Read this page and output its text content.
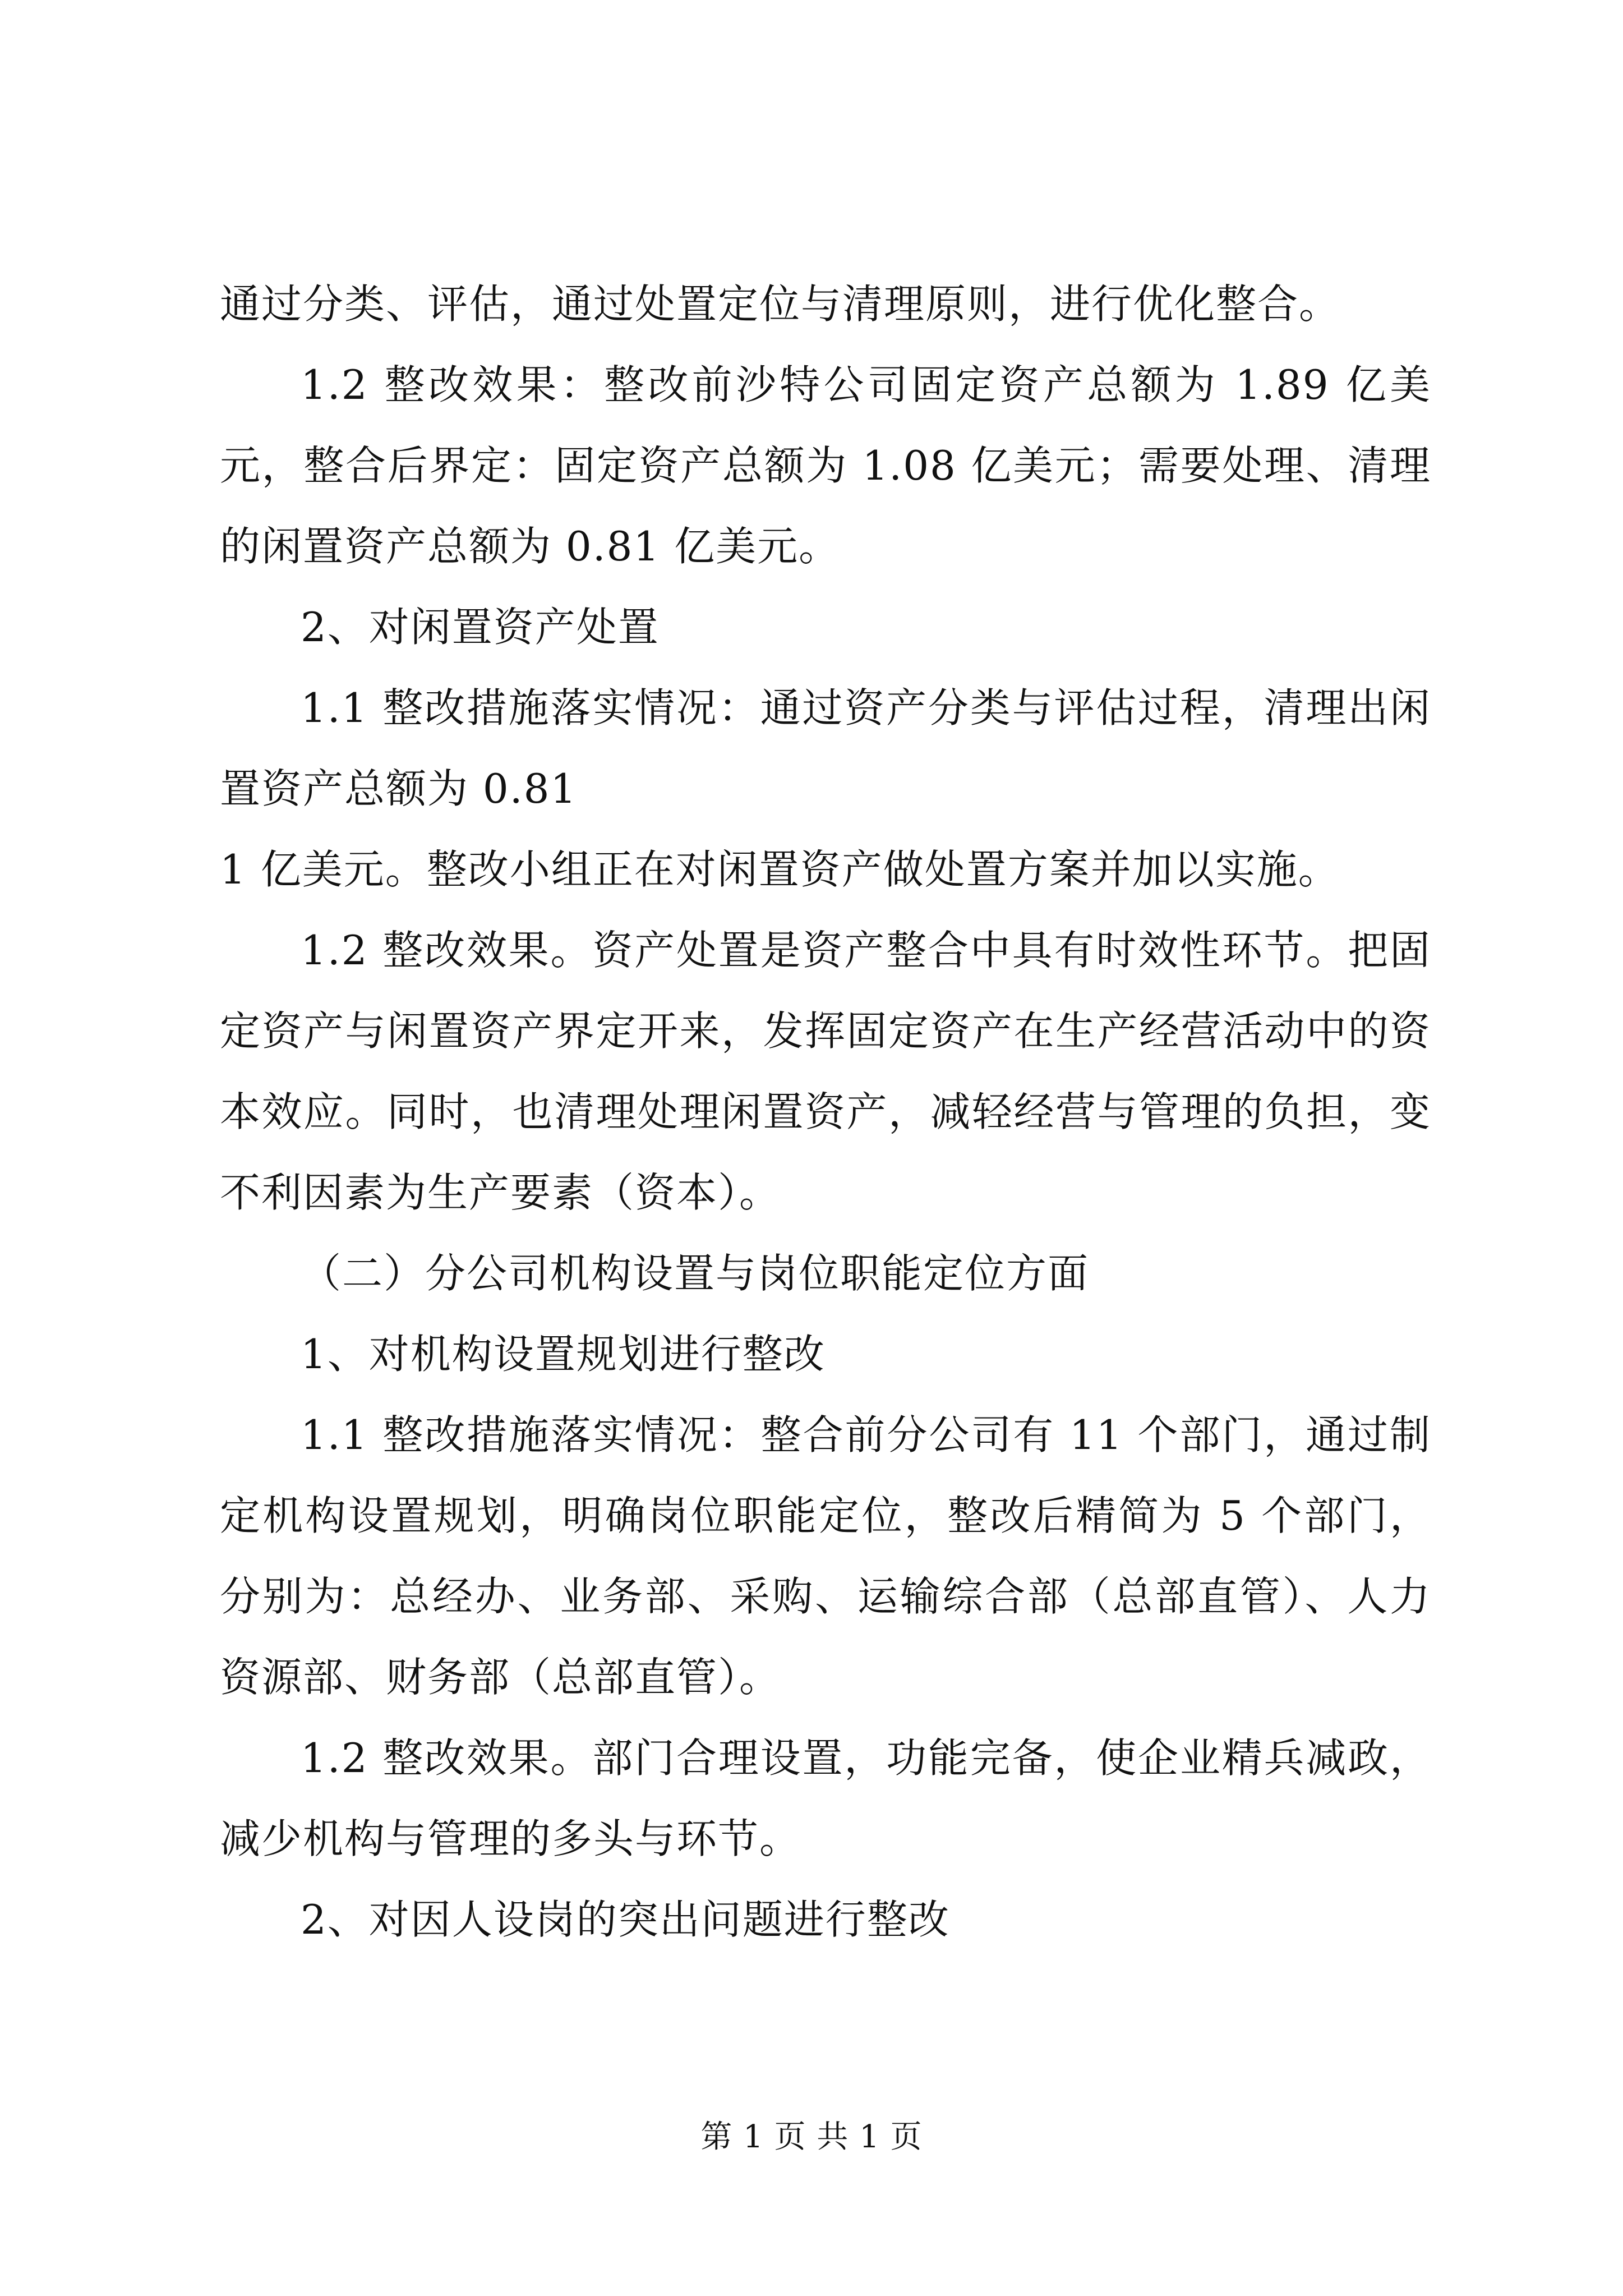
通过分类、评估，通过处置定位与清理原则，进行优化整合。

1.2 整改效果：整改前沙特公司固定资产总额为 1.89 亿美元，整合后界定：固定资产总额为 1.08 亿美元；需要处理、清理的闲置资产总额为 0.81 亿美元。

2、对闲置资产处置

1.1 整改措施落实情况：通过资产分类与评估过程，清理出闲置资产总额为 0.81

1 亿美元。整改小组正在对闲置资产做处置方案并加以实施。

1.2 整改效果。资产处置是资产整合中具有时效性环节。把固定资产与闲置资产界定开来，发挥固定资产在生产经营活动中的资本效应。同时，也清理处理闲置资产，减轻经营与管理的负担，变不利因素为生产要素（资本）。

（二）分公司机构设置与岗位职能定位方面

1、对机构设置规划进行整改

1.1 整改措施落实情况：整合前分公司有 11 个部门，通过制定机构设置规划，明确岗位职能定位，整改后精简为 5 个部门，分别为：总经办、业务部、采购、运输综合部（总部直管）、人力资源部、财务部（总部直管）。

1.2 整改效果。部门合理设置，功能完备，使企业精兵减政，减少机构与管理的多头与环节。

2、对因人设岗的突出问题进行整改

第 1 页 共 1 页
